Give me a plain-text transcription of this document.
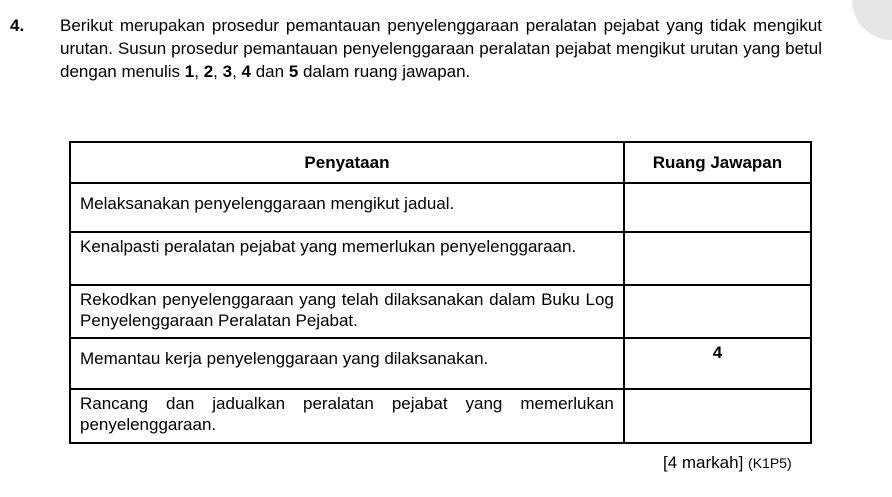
4. Berikut merupakan prosedur pemantauan penyelenggaraan peralatan pejabat yang tidak mengikut urutan. Susun prosedur pemantauan penyelenggaraan peralatan pejabat mengikut urutan yang betul dengan menulis 1, 2, 3, 4 dan 5 dalam ruang jawapan.
Penyataan	Ruang Jawapan
Melaksanakan penyelenggaraan mengikut jadual.	
Kenalpasti peralatan pejabat yang memerlukan penyelenggaraan.	
Rekodkan penyelenggaraan yang telah dilaksanakan dalam Buku Log Penyelenggaraan Peralatan Pejabat.	
Memantau kerja penyelenggaraan yang dilaksanakan.	4
Rancang dan jadualkan peralatan pejabat yang memerlukan penyelenggaraan.	
[4 markah] (K1P5)
